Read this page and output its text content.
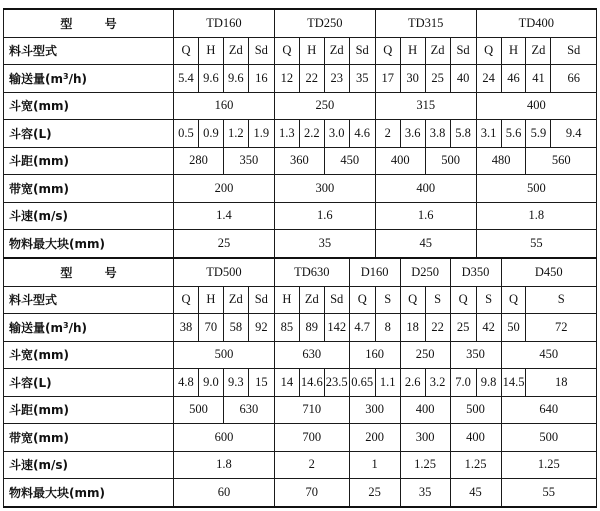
型 号	TD160				TD250				TD315				TD400			
料斗型式	Q	H	Zd	Sd	Q	H	Zd	Sd	Q	H	Zd	Sd	Q	H	Zd	Sd
输送量$(m^3/h)$	5.4	9.6	9.6	16	12	22	23	35	17	30	25	40	24	46	41	66
斗宽(mm)	160				250				315				400			
斗容(L)	0.5	0.9	1.2	1.9	1.3	2.2	3.0	4.6	2	3.6	3.8	5.8	3.1	5.6	5.9	9.4
斗距(mm)	280		350		360		450		400		500		480		560	
带宽(mm)	200				300				400				500			
斗速(m/s)	1.4				1.6				1.6				1.8			
物料最大块(mm)	25				35				45				55			
型 号	TD500				TD630			D160		D250		D350		D450		
料斗型式	Q	H	Zd	Sd	H	Zd	Sd	Q	S	Q	S	Q	S	Q	S	
输送量$(m^3/h)$	38	70	58	92	85	89	142	4.7	8	18	22	25	42	50	72	
斗宽(mm)	500				630			160		250		350		450		
斗容(L)	4.8	9.0	9.3	15	14	14.6	23.5	0.65	1.1	2.6	3.2	7.0	9.8	14.5	18	
斗距(mm)	500		630		710			300		400		500		640		
带宽(mm)	600				700			200		300		400		500		
斗速(m/s)	1.8				2			1		1.25		1.25		1.25		
物料最大块(mm)	60				70			25		35		45		55		
